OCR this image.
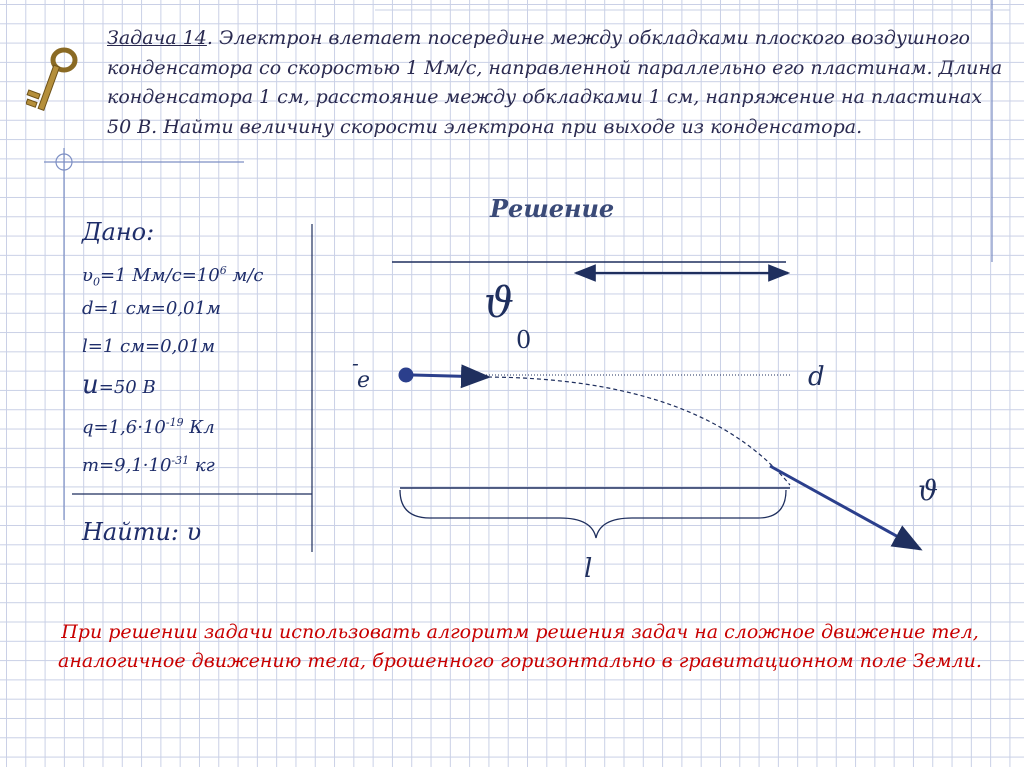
Задача 14. Электрон влетает посередине между обкладками плоского воздушного конденсатора со скоростью 1 Мм/с, направленной параллельно его пластинам. Длина конденсатора 1 см, расстояние между обкладками 1 см, напряжение на пластинах 50 В. Найти величину скорости электрона при выходе из конденсатора.
Решение
Дано:
$\upsilon_0=1$ $Мм/с=10^6$ м/с
d=1 см=0,01м
l=1 см=0,01м
u=50 В
$q=1,6\cdot 10^{-19}$ Кл
$m=9,1\cdot 10^{-31}$ кг
Найти: υ
ϑ
0
-
e	d
l
ϑ
При решении задачи использовать алгоритм решения задач на сложное движение тел, аналогичное движению тела, брошенного горизонтально в гравитационном поле Земли.
